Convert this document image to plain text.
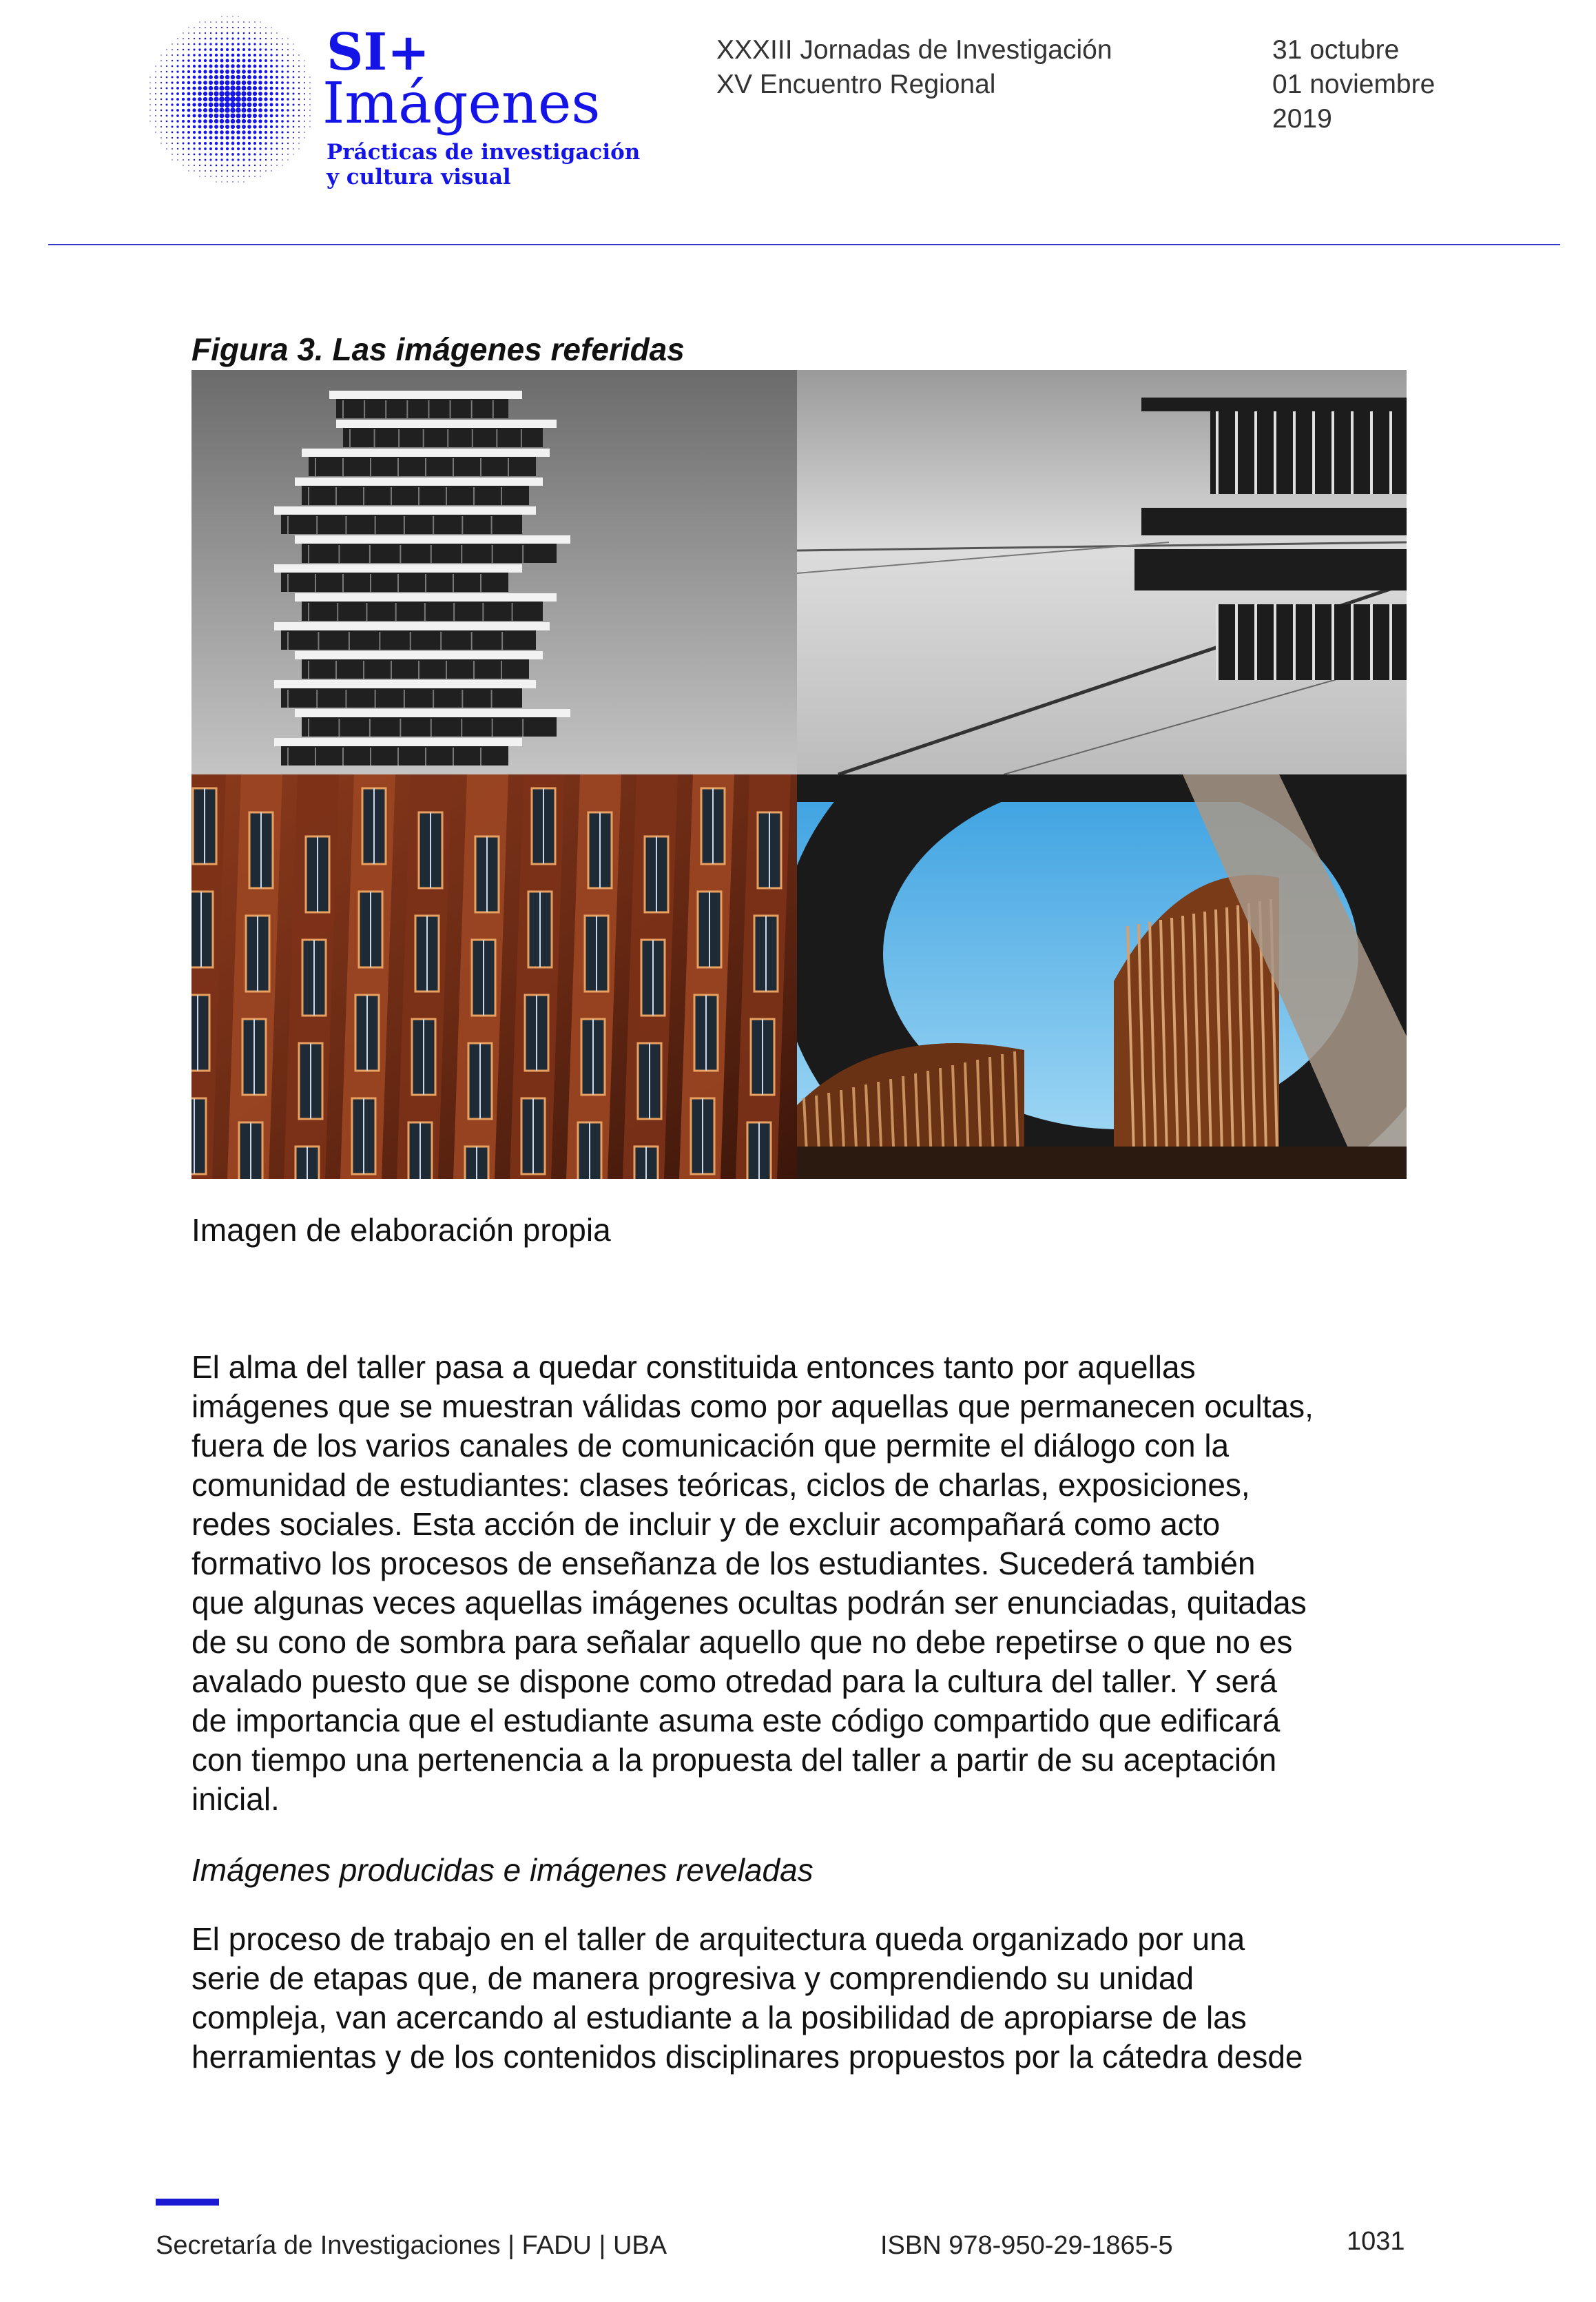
SI+
Imágenes
Prácticas de investigación
y cultura visual
XXXIII Jornadas de Investigación
XV Encuentro Regional
31 octubre
01 noviembre
2019
Figura 3. Las imágenes referidas
Imagen de elaboración propia
El alma del taller pasa a quedar constituida entonces tanto por aquellas
imágenes que se muestran válidas como por aquellas que permanecen ocultas,
fuera de los varios canales de comunicación que permite el diálogo con la
comunidad de estudiantes: clases teóricas, ciclos de charlas, exposiciones,
redes sociales. Esta acción de incluir y de excluir acompañará como acto
formativo los procesos de enseñanza de los estudiantes. Sucederá también
que algunas veces aquellas imágenes ocultas podrán ser enunciadas, quitadas
de su cono de sombra para señalar aquello que no debe repetirse o que no es
avalado puesto que se dispone como otredad para la cultura del taller. Y será
de importancia que el estudiante asuma este código compartido que edificará
con tiempo una pertenencia a la propuesta del taller a partir de su aceptación
inicial.
Imágenes producidas e imágenes reveladas
El proceso de trabajo en el taller de arquitectura queda organizado por una
serie de etapas que, de manera progresiva y comprendiendo su unidad
compleja, van acercando al estudiante a la posibilidad de apropiarse de las
herramientas y de los contenidos disciplinares propuestos por la cátedra desde
Secretaría de Investigaciones | FADU | UBA	ISBN 978-950-29-1865-5	1031
